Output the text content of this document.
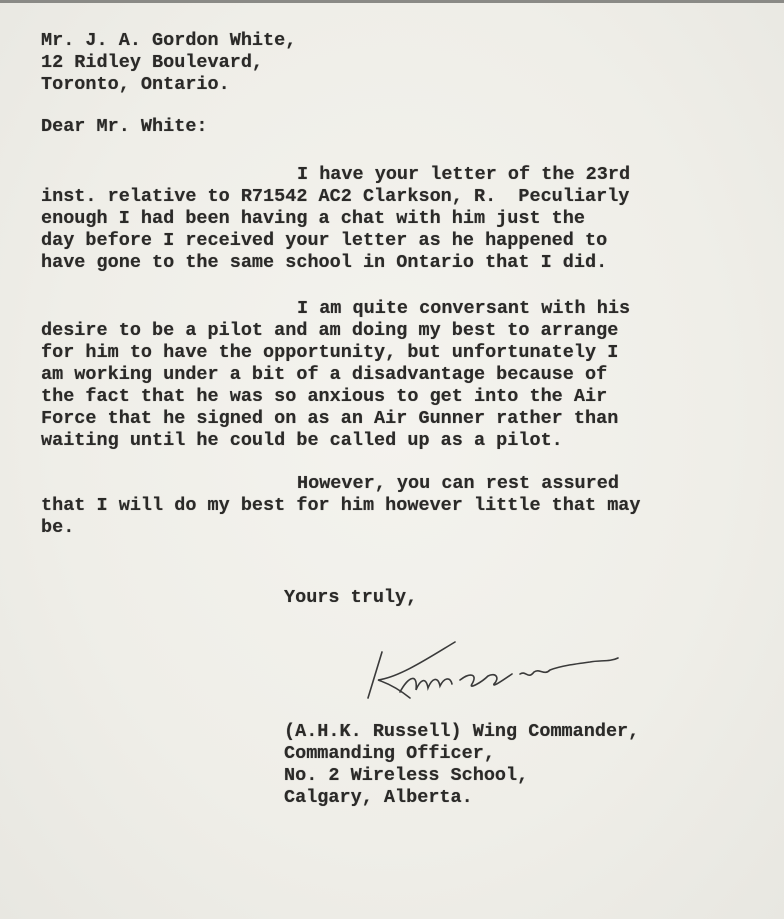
Mr. J. A. Gordon White,
12 Ridley Boulevard,
Toronto, Ontario.
Dear Mr. White:
I have your letter of the 23rd
inst. relative to R71542 AC2 Clarkson, R.  Peculiarly
enough I had been having a chat with him just the
day before I received your letter as he happened to
have gone to the same school in Ontario that I did.
I am quite conversant with his
desire to be a pilot and am doing my best to arrange
for him to have the opportunity, but unfortunately I
am working under a bit of a disadvantage because of
the fact that he was so anxious to get into the Air
Force that he signed on as an Air Gunner rather than
waiting until he could be called up as a pilot.
However, you can rest assured
that I will do my best for him however little that may
be.
Yours truly,
(A.H.K. Russell) Wing Commander,
Commanding Officer,
No. 2 Wireless School,
Calgary, Alberta.
